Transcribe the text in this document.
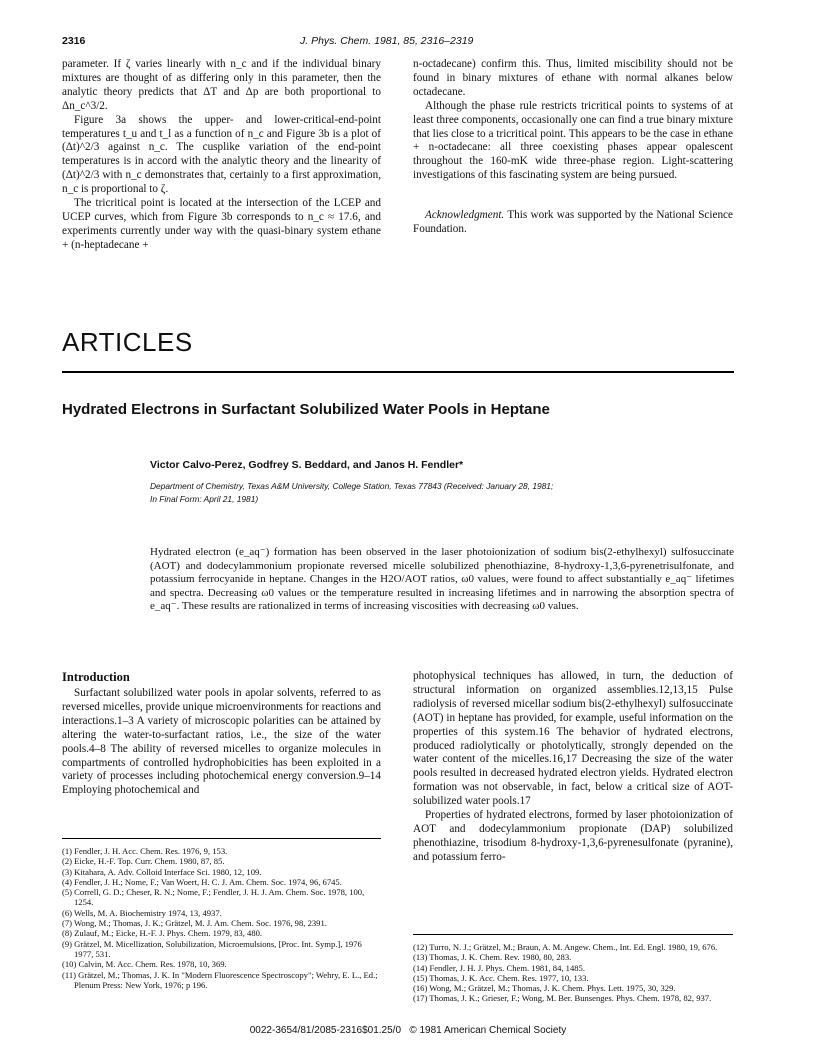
2316	J. Phys. Chem. 1981, 85, 2316–2319

parameter. If ζ varies linearly with n_c and if the individual binary mixtures are thought of as differing only in this parameter, then the analytic theory predicts that ΔT and Δp are both proportional to Δn_c^3/2.

Figure 3a shows the upper- and lower-critical-end-point temperatures t_u and t_l as a function of n_c and Figure 3b is a plot of (Δt)^2/3 against n_c. The cusplike variation of the end-point temperatures is in accord with the analytic theory and the linearity of (Δt)^2/3 with n_c demonstrates that, certainly to a first approximation, n_c is proportional to ζ.

The tricritical point is located at the intersection of the LCEP and UCEP curves, which from Figure 3b corresponds to n_c ≈ 17.6, and experiments currently under way with the quasi-binary system ethane + (n-heptadecane +

n-octadecane) confirm this. Thus, limited miscibility should not be found in binary mixtures of ethane with normal alkanes below octadecane.

Although the phase rule restricts tricritical points to systems of at least three components, occasionally one can find a true binary mixture that lies close to a tricritical point. This appears to be the case in ethane + n-octadecane: all three coexisting phases appear opalescent throughout the 160-mK wide three-phase region. Light-scattering investigations of this fascinating system are being pursued.

Acknowledgment. This work was supported by the National Science Foundation.

ARTICLES
Hydrated Electrons in Surfactant Solubilized Water Pools in Heptane
Victor Calvo-Perez, Godfrey S. Beddard, and Janos H. Fendler*
Department of Chemistry, Texas A&M University, College Station, Texas 77843 (Received: January 28, 1981;
In Final Form: April 21, 1981)
Hydrated electron (e_aq⁻) formation has been observed in the laser photoionization of sodium bis(2-ethylhexyl) sulfosuccinate (AOT) and dodecylammonium propionate reversed micelle solubilized phenothiazine, 8-hydroxy-1,3,6-pyrenetrisulfonate, and potassium ferrocyanide in heptane. Changes in the H2O/AOT ratios, ω0 values, were found to affect substantially e_aq⁻ lifetimes and spectra. Decreasing ω0 values or the temperature resulted in increasing lifetimes and in narrowing the absorption spectra of e_aq⁻. These results are rationalized in terms of increasing viscosities with decreasing ω0 values.
Introduction

Surfactant solubilized water pools in apolar solvents, referred to as reversed micelles, provide unique microenvironments for reactions and interactions.1–3 A variety of microscopic polarities can be attained by altering the water-to-surfactant ratios, i.e., the size of the water pools.4–8 The ability of reversed micelles to organize molecules in compartments of controlled hydrophobicities has been exploited in a variety of processes including photochemical energy conversion.9–14 Employing photochemical and

photophysical techniques has allowed, in turn, the deduction of structural information on organized assemblies.12,13,15 Pulse radiolysis of reversed micellar sodium bis(2-ethylhexyl) sulfosuccinate (AOT) in heptane has provided, for example, useful information on the properties of this system.16 The behavior of hydrated electrons, produced radiolytically or photolytically, strongly depended on the water content of the micelles.16,17 Decreasing the size of the water pools resulted in decreased hydrated electron yields. Hydrated electron formation was not observable, in fact, below a critical size of AOT-solubilized water pools.17

Properties of hydrated electrons, formed by laser photoionization of AOT and dodecylammonium propionate (DAP) solubilized phenothiazine, trisodium 8-hydroxy-1,3,6-pyrenesulfonate (pyranine), and potassium ferro-

(1) Fendler, J. H. Acc. Chem. Res. 1976, 9, 153.
(2) Eicke, H.-F. Top. Curr. Chem. 1980, 87, 85.
(3) Kitahara, A. Adv. Colloid Interface Sci. 1980, 12, 109.
(4) Fendler, J. H.; Nome, F.; Van Woert, H. C. J. Am. Chem. Soc. 1974, 96, 6745.
(5) Correll, G. D.; Cheser, R. N.; Nome, F.; Fendler, J. H. J. Am. Chem. Soc. 1978, 100, 1254.
(6) Wells, M. A. Biochemistry 1974, 13, 4937.
(7) Wong, M.; Thomas, J. K.; Grätzel, M. J. Am. Chem. Soc. 1976, 98, 2391.
(8) Zulauf, M.; Eicke, H.-F. J. Phys. Chem. 1979, 83, 480.
(9) Grätzel, M. Micellization, Solubilization, Microemulsions, [Proc. Int. Symp.], 1976 1977, 531.
(10) Calvin, M. Acc. Chem. Res. 1978, 10, 369.
(11) Grätzel, M.; Thomas, J. K. In "Modern Fluorescence Spectroscopy"; Wehry, E. L., Ed.; Plenum Press: New York, 1976; p 196.
(12) Turro, N. J.; Grätzel, M.; Braun, A. M. Angew. Chem., Int. Ed. Engl. 1980, 19, 676.
(13) Thomas, J. K. Chem. Rev. 1980, 80, 283.
(14) Fendler, J. H. J. Phys. Chem. 1981, 84, 1485.
(15) Thomas, J. K. Acc. Chem. Res. 1977, 10, 133.
(16) Wong, M.; Grätzel, M.; Thomas, J. K. Chem. Phys. Lett. 1975, 30, 329.
(17) Thomas, J. K.; Grieser, F.; Wong, M. Ber. Bunsenges. Phys. Chem. 1978, 82, 937.
0022-3654/81/2085-2316$01.25/0   © 1981 American Chemical Society
